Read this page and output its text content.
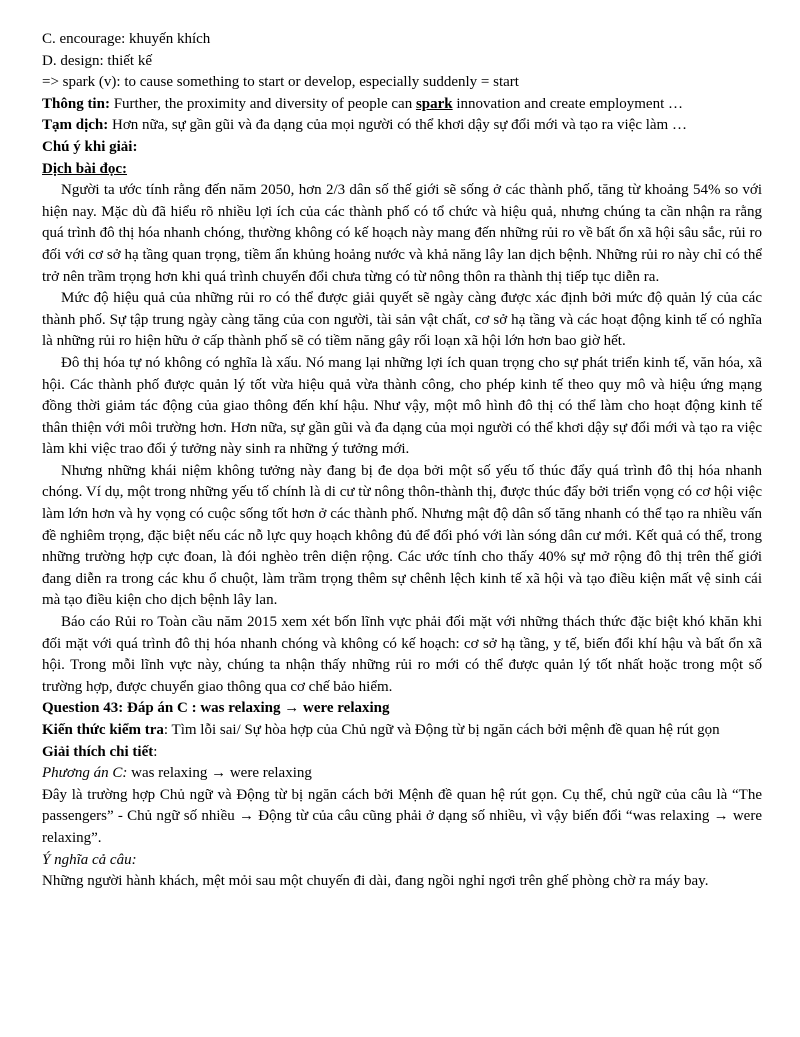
C. encourage: khuyến khích

D. design: thiết kế

=> spark (v): to cause something to start or develop, especially suddenly = start

Thông tin: Further, the proximity and diversity of people can spark innovation and create employment …

Tạm dịch: Hơn nữa, sự gần gũi và đa dạng của mọi người có thể khơi dậy sự đổi mới và tạo ra việc làm …

Chú ý khi giải:

Dịch bài đọc:

Người ta ước tính rằng đến năm 2050, hơn 2/3 dân số thế giới sẽ sống ở các thành phố, tăng từ khoảng 54% so với hiện nay. Mặc dù đã hiểu rõ nhiều lợi ích của các thành phố có tổ chức và hiệu quả, nhưng chúng ta cần nhận ra rằng quá trình đô thị hóa nhanh chóng, thường không có kế hoạch này mang đến những rủi ro về bất ổn xã hội sâu sắc, rủi ro đối với cơ sở hạ tầng quan trọng, tiềm ẩn khủng hoảng nước và khả năng lây lan dịch bệnh. Những rủi ro này chỉ có thể trở nên trầm trọng hơn khi quá trình chuyển đổi chưa từng có từ nông thôn ra thành thị tiếp tục diễn ra.

Mức độ hiệu quả của những rủi ro có thể được giải quyết sẽ ngày càng được xác định bởi mức độ quản lý của các thành phố. Sự tập trung ngày càng tăng của con người, tài sản vật chất, cơ sở hạ tầng và các hoạt động kinh tế có nghĩa là những rủi ro hiện hữu ở cấp thành phố sẽ có tiềm năng gây rối loạn xã hội lớn hơn bao giờ hết.

Đô thị hóa tự nó không có nghĩa là xấu. Nó mang lại những lợi ích quan trọng cho sự phát triển kinh tế, văn hóa, xã hội. Các thành phố được quản lý tốt vừa hiệu quả vừa thành công, cho phép kinh tế theo quy mô và hiệu ứng mạng đồng thời giảm tác động của giao thông đến khí hậu. Như vậy, một mô hình đô thị có thể làm cho hoạt động kinh tế thân thiện với môi trường hơn. Hơn nữa, sự gần gũi và đa dạng của mọi người có thể khơi dậy sự đổi mới và tạo ra việc làm khi việc trao đổi ý tưởng này sinh ra những ý tưởng mới.

Nhưng những khái niệm không tưởng này đang bị đe dọa bởi một số yếu tố thúc đẩy quá trình đô thị hóa nhanh chóng. Ví dụ, một trong những yếu tố chính là di cư từ nông thôn-thành thị, được thúc đẩy bởi triển vọng có cơ hội việc làm lớn hơn và hy vọng có cuộc sống tốt hơn ở các thành phố. Nhưng mật độ dân số tăng nhanh có thể tạo ra nhiều vấn đề nghiêm trọng, đặc biệt nếu các nỗ lực quy hoạch không đủ để đối phó với làn sóng dân cư mới. Kết quả có thể, trong những trường hợp cực đoan, là đói nghèo trên diện rộng. Các ước tính cho thấy 40% sự mở rộng đô thị trên thế giới đang diễn ra trong các khu ổ chuột, làm trầm trọng thêm sự chênh lệch kinh tế xã hội và tạo điều kiện mất vệ sinh cái mà tạo điều kiện cho dịch bệnh lây lan.

Báo cáo Rủi ro Toàn cầu năm 2015 xem xét bốn lĩnh vực phải đối mặt với những thách thức đặc biệt khó khăn khi đối mặt với quá trình đô thị hóa nhanh chóng và không có kế hoạch: cơ sở hạ tầng, y tế, biến đổi khí hậu và bất ổn xã hội. Trong mỗi lĩnh vực này, chúng ta nhận thấy những rủi ro mới có thể được quản lý tốt nhất hoặc trong một số trường hợp, được chuyển giao thông qua cơ chế bảo hiểm.

Question 43: Đáp án C : was relaxing → were relaxing

Kiến thức kiểm tra: Tìm lỗi sai/ Sự hòa hợp của Chủ ngữ và Động từ bị ngăn cách bởi mệnh đề quan hệ rút gọn

Giải thích chi tiết:

Phương án C: was relaxing → were relaxing

Đây là trường hợp Chủ ngữ và Động từ bị ngăn cách bởi Mệnh đề quan hệ rút gọn. Cụ thể, chủ ngữ của câu là “The passengers” - Chủ ngữ số nhiều → Động từ của câu cũng phải ở dạng số nhiều, vì vậy biến đổi “was relaxing → were relaxing”.

Ý nghĩa cả câu:

Những người hành khách, mệt mỏi sau một chuyến đi dài, đang ngồi nghỉ ngơi trên ghế phòng chờ ra máy bay.
